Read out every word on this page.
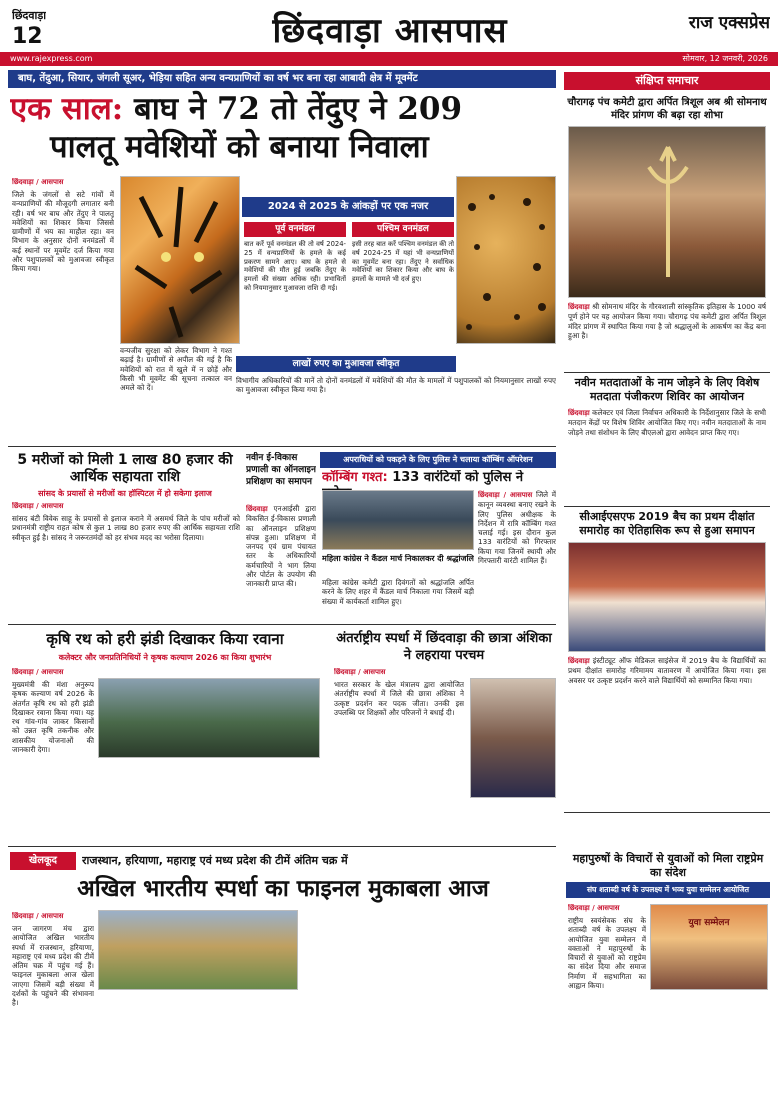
छिंदवाड़ा
12	छिंदवाड़ा आसपास	राज एक्सप्रेस
www.rajexpress.com	सोमवार, 12 जनवरी, 2026
बाघ, तेंदुआ, सियार, जंगली सूअर, भेड़िया सहित अन्य वन्यप्राणियों का वर्ष भर बना रहा आबादी क्षेत्र में मूवमेंट
एक साल: बाघ ने 72 तो तेंदुए ने 209
पालतू मवेशियों को बनाया निवाला
छिंदवाड़ा / आसपास
जिले के जंगलों से सटे गांवों में वन्यप्राणियों की मौजूदगी लगातार बनी रही। वर्ष भर बाघ और तेंदुए ने पालतू मवेशियों का शिकार किया जिससे ग्रामीणों में भय का माहौल रहा। वन विभाग के अनुसार दोनों वनमंडलों में कई स्थानों पर मूवमेंट दर्ज किया गया और पशुपालकों को मुआवजा स्वीकृत किया गया।
वन्यजीव सुरक्षा को लेकर विभाग ने गश्त बढ़ाई है। ग्रामीणों से अपील की गई है कि मवेशियों को रात में खुले में न छोड़ें और किसी भी मूवमेंट की सूचना तत्काल वन अमले को दें।
2024 से 2025 के आंकड़ों पर एक नजर
पूर्व वनमंडल	पश्चिम वनमंडल
बात करें पूर्व वनमंडल की तो वर्ष 2024-25 में वन्यप्राणियों के हमले के कई प्रकरण सामने आए। बाघ के हमले से मवेशियों की मौत हुई जबकि तेंदुए के हमलों की संख्या अधिक रही। प्रभावितों को नियमानुसार मुआवजा राशि दी गई।
इसी तरह बात करें पश्चिम वनमंडल की तो वर्ष 2024-25 में यहां भी वन्यप्राणियों का मूवमेंट बना रहा। तेंदुए ने सर्वाधिक मवेशियों का शिकार किया और बाघ के हमलों के मामले भी दर्ज हुए।
लाखों रुपए का मुआवजा स्वीकृत
विभागीय अधिकारियों की मानें तो दोनों वनमंडलों में मवेशियों की मौत के मामलों में पशुपालकों को नियमानुसार लाखों रुपए का मुआवजा स्वीकृत किया गया है।
संक्षिप्त समाचार
चौरागढ़ पंच कमेटी द्वारा अर्पित त्रिशूल अब श्री सोमनाथ मंदिर प्रांगण की बढ़ा रहा शोभा
छिंदवाड़ा श्री सोमनाथ मंदिर के गौरवशाली सांस्कृतिक इतिहास के 1000 वर्ष पूर्ण होने पर यह आयोजन किया गया। चौरागढ़ पंच कमेटी द्वारा अर्पित त्रिशूल मंदिर प्रांगण में स्थापित किया गया है जो श्रद्धालुओं के आकर्षण का केंद्र बना हुआ है।
नवीन मतदाताओं के नाम जोड़ने के लिए विशेष मतदाता पंजीकरण शिविर का आयोजन
छिंदवाड़ा कलेक्टर एवं जिला निर्वाचन अधिकारी के निर्देशानुसार जिले के सभी मतदान केंद्रों पर विशेष शिविर आयोजित किए गए। नवीन मतदाताओं के नाम जोड़ने तथा संशोधन के लिए बीएलओ द्वारा आवेदन प्राप्त किए गए।
सीआईएसएफ 2019 बैच का प्रथम दीक्षांत समारोह का ऐतिहासिक रूप से हुआ समापन
छिंदवाड़ा इंस्टीट्यूट ऑफ मेडिकल साइंसेज में 2019 बैच के विद्यार्थियों का प्रथम दीक्षांत समारोह गरिमामय वातावरण में आयोजित किया गया। इस अवसर पर उत्कृष्ट प्रदर्शन करने वाले विद्यार्थियों को सम्मानित किया गया।
5 मरीजों को मिली 1 लाख 80 हजार की आर्थिक सहायता राशि
सांसद के प्रयासों से मरीजों का हॉस्पिटल में हो सकेगा इलाज
छिंदवाड़ा / आसपास
सांसद बंटी विवेक साहू के प्रयासों से इलाज कराने में असमर्थ जिले के पांच मरीजों को प्रधानमंत्री राष्ट्रीय राहत कोष से कुल 1 लाख 80 हजार रुपए की आर्थिक सहायता राशि स्वीकृत हुई है। सांसद ने जरूरतमंदों को हर संभव मदद का भरोसा दिलाया।
नवीन ई-विकास प्रणाली का ऑनलाइन प्रशिक्षण का समापन
छिंदवाड़ा एनआईसी द्वारा विकसित ई-विकास प्रणाली का ऑनलाइन प्रशिक्षण संपन्न हुआ। प्रशिक्षण में जनपद एवं ग्राम पंचायत स्तर के अधिकारियों कर्मचारियों ने भाग लिया और पोर्टल के उपयोग की जानकारी प्राप्त की।
अपराधियों को पकड़ने के लिए पुलिस ने चलाया कॉम्बिंग ऑपरेशन
कॉम्बिंग गश्त: 133 वारंटियों को पुलिस ने
छिंदवाड़ा / आसपास जिले में कानून व्यवस्था बनाए रखने के लिए पुलिस अधीक्षक के निर्देशन में रात्रि कॉम्बिंग गश्त चलाई गई। इस दौरान कुल 133 वारंटियों को गिरफ्तार किया गया जिनमें स्थायी और गिरफ्तारी वारंटी शामिल हैं।
महिला कांग्रेस ने कैंडल मार्च निकालकर दी श्रद्धांजलि
महिला कांग्रेस कमेटी द्वारा दिवंगतों को श्रद्धांजलि अर्पित करने के लिए शहर में कैंडल मार्च निकाला गया जिसमें बड़ी संख्या में कार्यकर्ता शामिल हुए।
कृषि रथ को हरी झंडी दिखाकर किया रवाना
कलेक्टर और जनप्रतिनिधियों ने कृषक कल्याण 2026 का किया शुभारंभ
छिंदवाड़ा / आसपास
मुख्यमंत्री की मंशा अनुरूप कृषक कल्याण वर्ष 2026 के अंतर्गत कृषि रथ को हरी झंडी दिखाकर रवाना किया गया। यह रथ गांव-गांव जाकर किसानों को उन्नत कृषि तकनीक और शासकीय योजनाओं की जानकारी देगा।
अंतर्राष्ट्रीय स्पर्धा में छिंदवाड़ा की छात्रा अंशिका ने लहराया परचम
छिंदवाड़ा / आसपास
भारत सरकार के खेल मंत्रालय द्वारा आयोजित अंतर्राष्ट्रीय स्पर्धा में जिले की छात्रा अंशिका ने उत्कृष्ट प्रदर्शन कर पदक जीता। उनकी इस उपलब्धि पर शिक्षकों और परिजनों ने बधाई दी।
खेलकूद	राजस्थान, हरियाणा, महाराष्ट्र एवं मध्य प्रदेश की टीमें अंतिम चक्र में
अखिल भारतीय स्पर्धा का फाइनल मुकाबला आज
छिंदवाड़ा / आसपास
जन जागरण मंच द्वारा आयोजित अखिल भारतीय स्पर्धा में राजस्थान, हरियाणा, महाराष्ट्र एवं मध्य प्रदेश की टीमें अंतिम चक्र में पहुंच गई हैं। फाइनल मुकाबला आज खेला जाएगा जिसमें बड़ी संख्या में दर्शकों के पहुंचने की संभावना है।
महापुरुषों के विचारों से युवाओं को मिला राष्ट्रप्रेम का संदेश
संघ शताब्दी वर्ष के उपलक्ष्य में भव्य युवा सम्मेलन आयोजित
छिंदवाड़ा / आसपास
युवा सम्मेलन
राष्ट्रीय स्वयंसेवक संघ के शताब्दी वर्ष के उपलक्ष्य में आयोजित युवा सम्मेलन में वक्ताओं ने महापुरुषों के विचारों से युवाओं को राष्ट्रप्रेम का संदेश दिया और समाज निर्माण में सहभागिता का आह्वान किया।
